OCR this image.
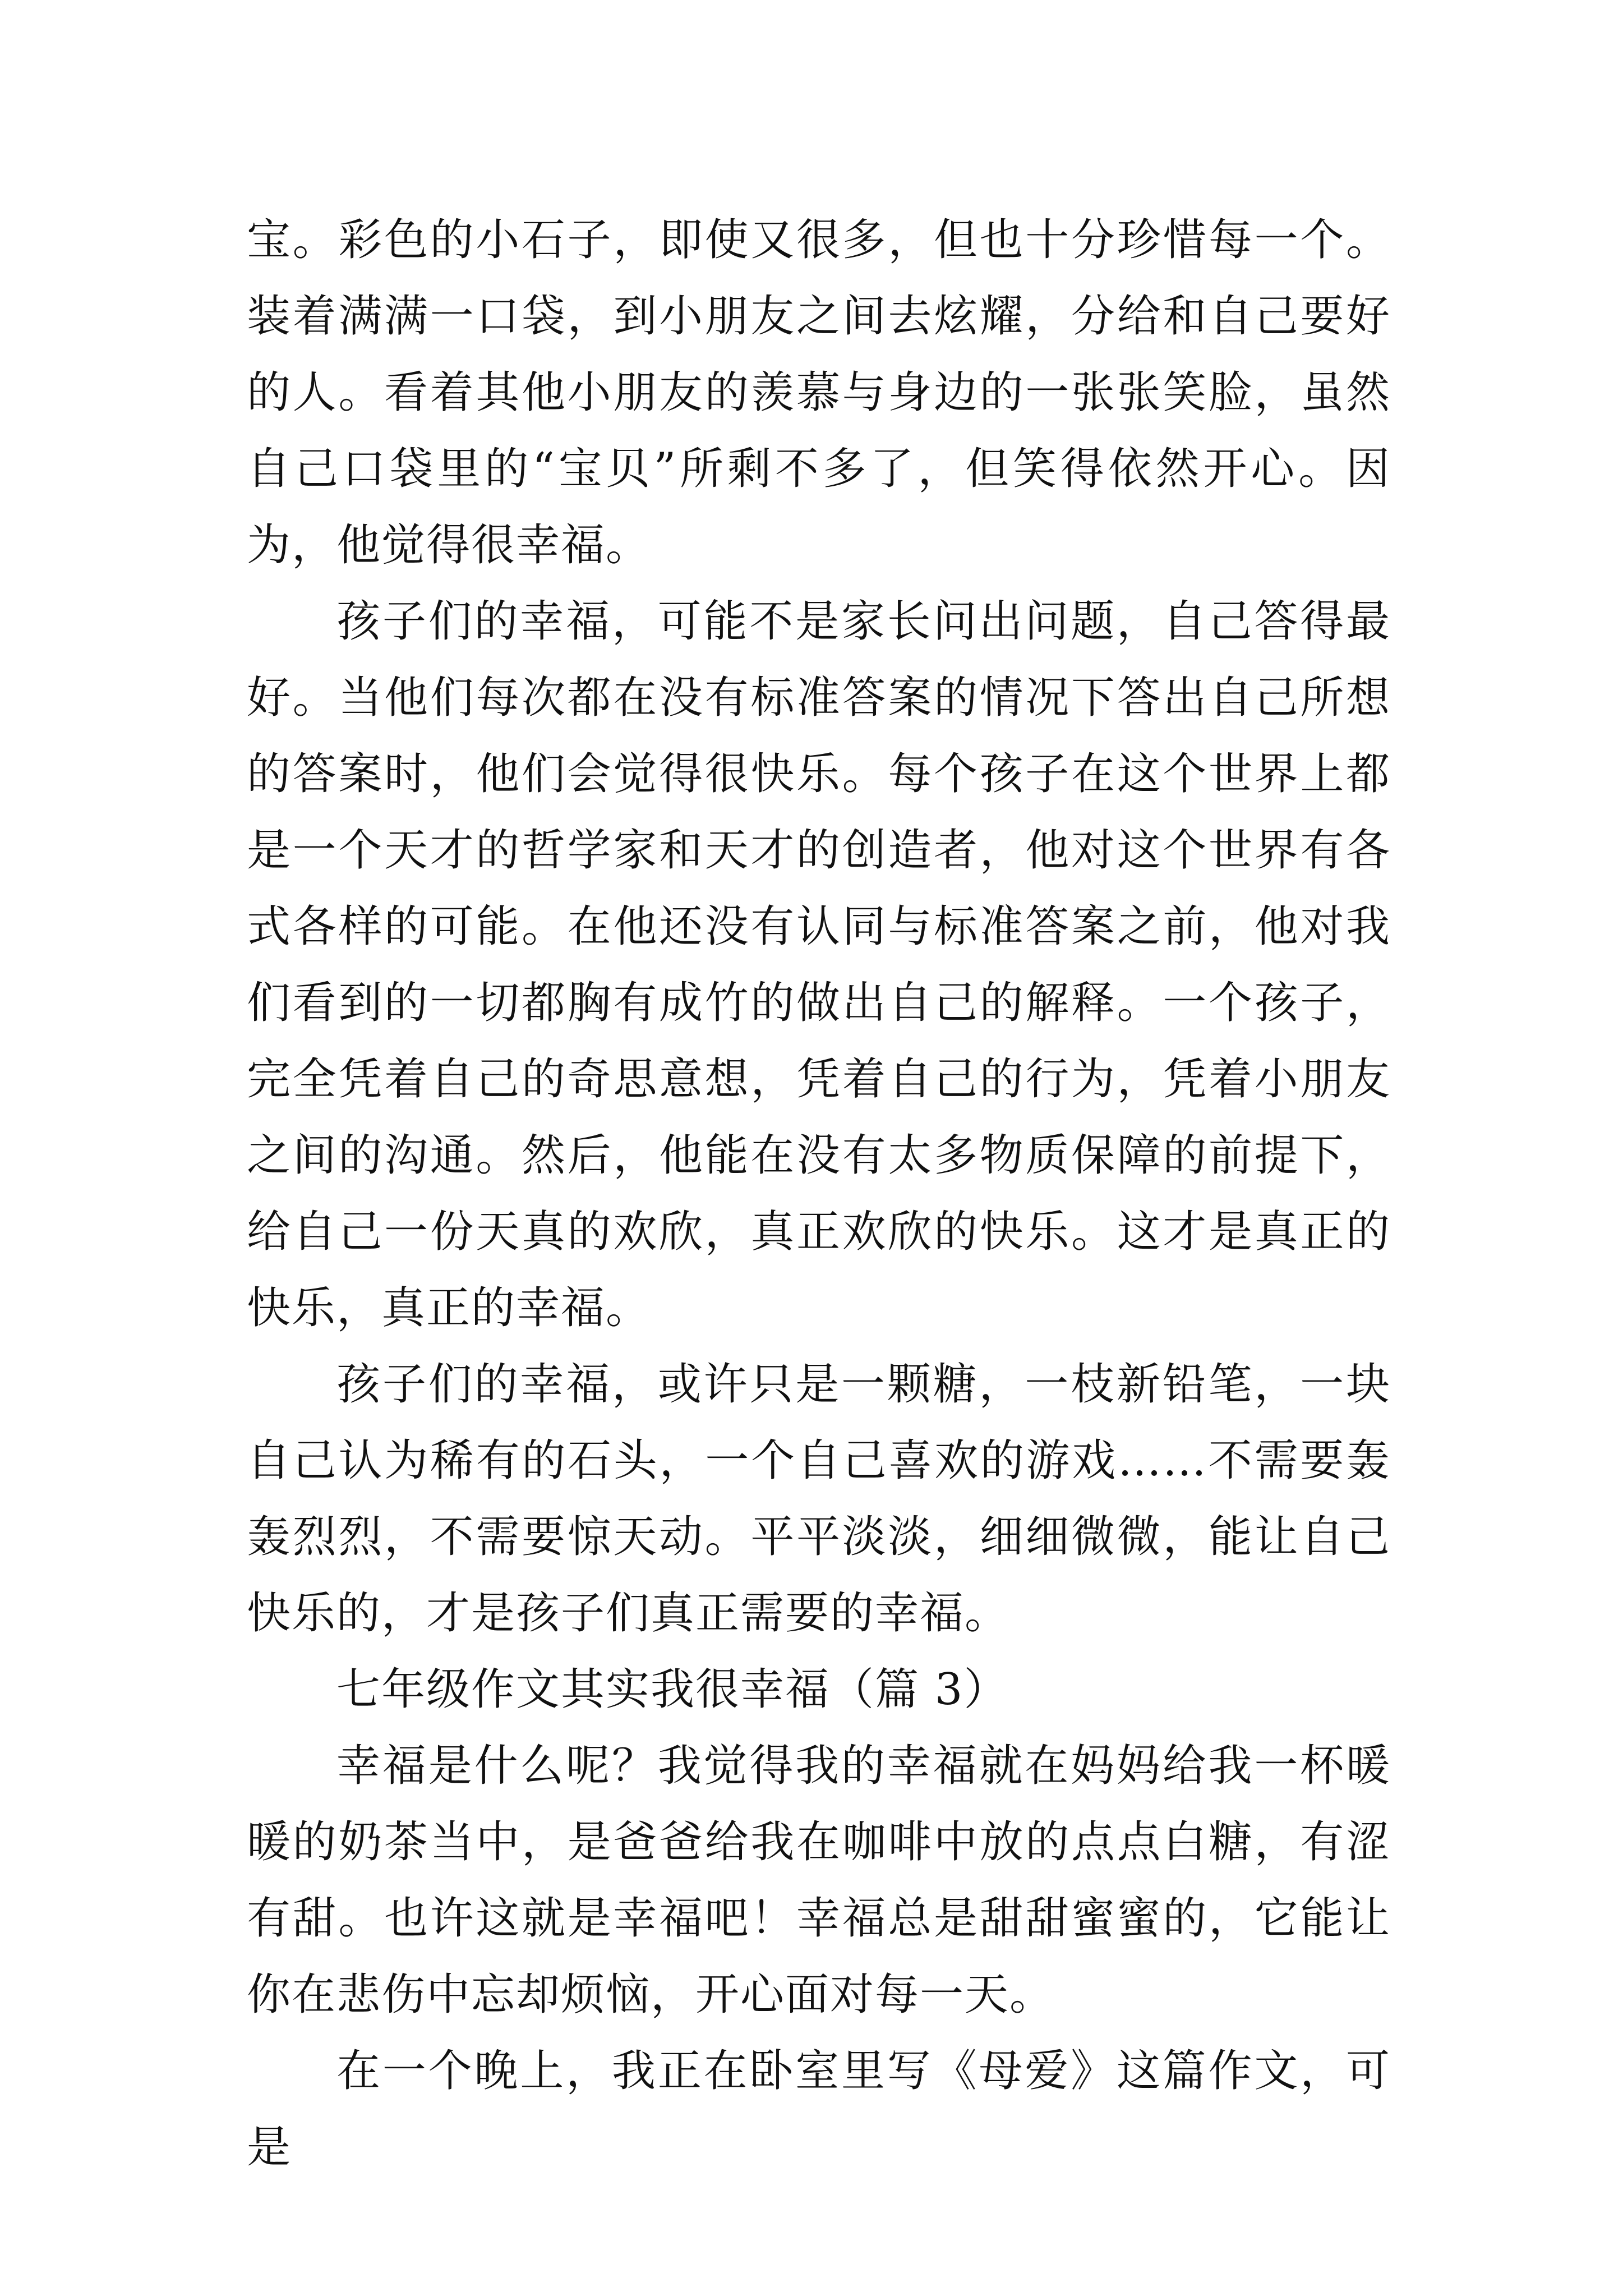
宝。彩色的小石子，即使又很多，但也十分珍惜每一个。装着满满一口袋，到小朋友之间去炫耀，分给和自己要好的人。看着其他小朋友的羡慕与身边的一张张笑脸，虽然自己口袋里的“宝贝”所剩不多了，但笑得依然开心。因为，他觉得很幸福。

孩子们的幸福，可能不是家长问出问题，自己答得最好。当他们每次都在没有标准答案的情况下答出自己所想的答案时，他们会觉得很快乐。每个孩子在这个世界上都是一个天才的哲学家和天才的创造者，他对这个世界有各式各样的可能。在他还没有认同与标准答案之前，他对我们看到的一切都胸有成竹的做出自己的解释。一个孩子，完全凭着自己的奇思意想，凭着自己的行为，凭着小朋友之间的沟通。然后，他能在没有太多物质保障的前提下，给自己一份天真的欢欣，真正欢欣的快乐。这才是真正的快乐，真正的幸福。

孩子们的幸福，或许只是一颗糖，一枝新铅笔，一块自己认为稀有的石头，一个自己喜欢的游戏……不需要轰轰烈烈，不需要惊天动。平平淡淡，细细微微，能让自己快乐的，才是孩子们真正需要的幸福。

七年级作文其实我很幸福（篇 3）

幸福是什么呢？我觉得我的幸福就在妈妈给我一杯暖暖的奶茶当中，是爸爸给我在咖啡中放的点点白糖，有涩有甜。也许这就是幸福吧！幸福总是甜甜蜜蜜的，它能让你在悲伤中忘却烦恼，开心面对每一天。

在一个晚上，我正在卧室里写《母爱》这篇作文，可是
